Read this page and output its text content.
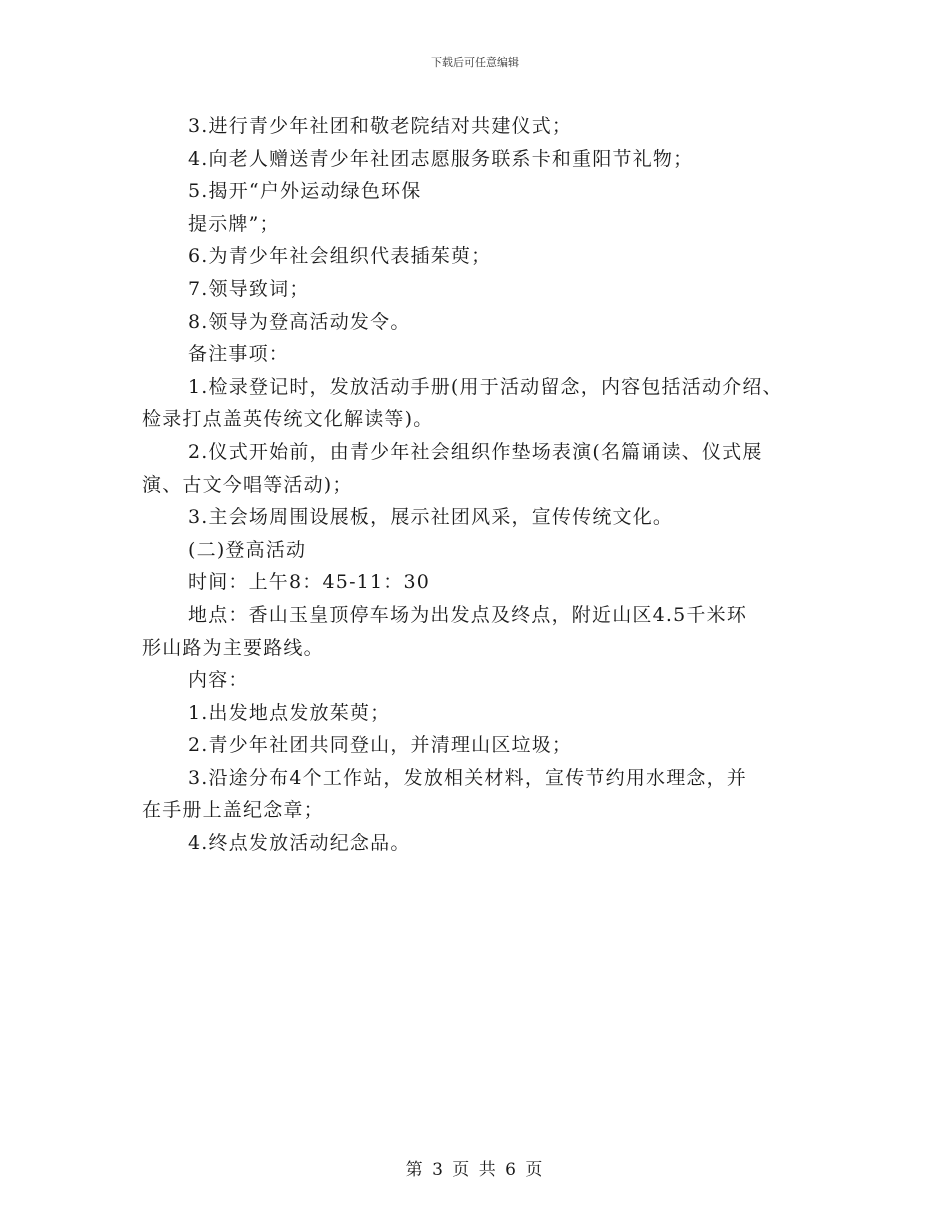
下载后可任意编辑
3.进行青少年社团和敬老院结对共建仪式；
4.向老人赠送青少年社团志愿服务联系卡和重阳节礼物；
5.揭开“户外运动绿色环保
提示牌”；
6.为青少年社会组织代表插茱萸；
7.领导致词；
8.领导为登高活动发令。
备注事项：
1.检录登记时，发放活动手册(用于活动留念，内容包括活动介绍、
检录打点盖英传统文化解读等)。
2.仪式开始前，由青少年社会组织作垫场表演(名篇诵读、仪式展
演、古文今唱等活动)；
3.主会场周围设展板，展示社团风采，宣传传统文化。
(二)登高活动
时间：上午8：45-11：30
地点：香山玉皇顶停车场为出发点及终点，附近山区4.5千米环
形山路为主要路线。
内容：
1.出发地点发放茱萸；
2.青少年社团共同登山，并清理山区垃圾；
3.沿途分布4个工作站，发放相关材料，宣传节约用水理念，并
在手册上盖纪念章；
4.终点发放活动纪念品。
第 3 页 共 6 页
